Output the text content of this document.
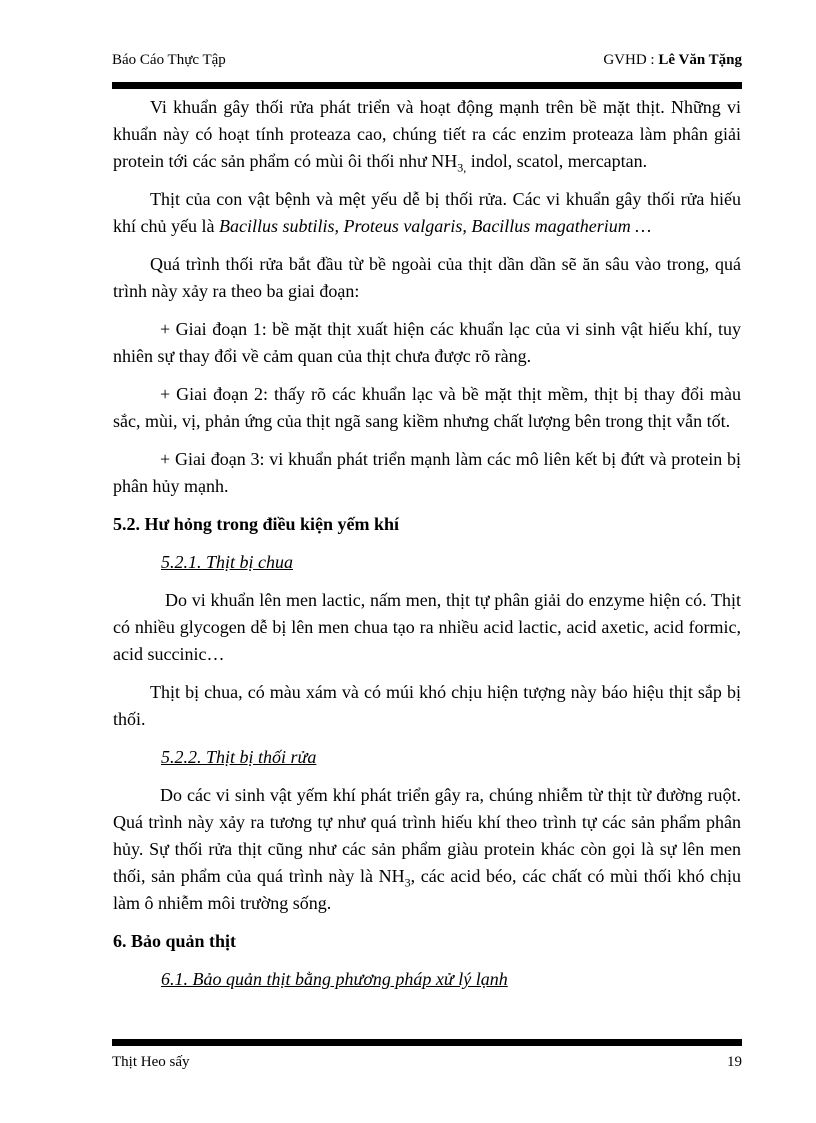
Báo Cáo Thực Tập	GVHD : Lê Văn Tặng

Vi khuẩn gây thối rửa phát triển và hoạt động mạnh trên bề mặt thịt. Những vi khuẩn này có hoạt tính proteaza cao, chúng tiết ra các enzim proteaza làm phân giải protein tới các sản phẩm có mùi ôi thối như $NH_{3,}$ indol, scatol, mercaptan.

Thịt của con vật bệnh và mệt yếu dễ bị thối rửa. Các vi khuẩn gây thối rửa hiếu khí chủ yếu là Bacillus subtilis, Proteus valgaris, Bacillus magatherium …

Quá trình thối rửa bắt đầu từ bề ngoài của thịt dần dần sẽ ăn sâu vào trong, quá trình này xảy ra theo ba giai đoạn:

+ Giai đoạn 1: bề mặt thịt xuất hiện các khuẩn lạc của vi sinh vật hiếu khí, tuy nhiên sự thay đổi về cảm quan của thịt chưa được rõ ràng.

+ Giai đoạn 2: thấy rõ các khuẩn lạc và bề mặt thịt mềm, thịt bị thay đổi màu sắc, mùi, vị, phản ứng của thịt ngã sang kiềm nhưng chất lượng bên trong thịt vẫn tốt.

+ Giai đoạn 3: vi khuẩn phát triển mạnh làm các mô liên kết bị đứt và protein bị phân hủy mạnh.

5.2. Hư hỏng trong điều kiện yếm khí
5.2.1. Thịt bị chua

Do vi khuẩn lên men lactic, nấm men, thịt tự phân giải do enzyme hiện có. Thịt có nhiều glycogen dễ bị lên men chua tạo ra nhiều acid lactic, acid axetic, acid formic, acid succinic…

Thịt bị chua, có màu xám và có múi khó chịu hiện tượng này báo hiệu thịt sắp bị thối.

5.2.2. Thịt bị thối rửa

Do các vi sinh vật yếm khí phát triển gây ra, chúng nhiễm từ thịt từ đường ruột. Quá trình này xảy ra tương tự như quá trình hiếu khí theo trình tự các sản phẩm phân hủy. Sự thối rửa thịt cũng như các sản phẩm giàu protein khác còn gọi là sự lên men thối, sản phẩm của quá trình này là $NH_3$, các acid béo, các chất có mùi thối khó chịu làm ô nhiễm môi trường sống.

6. Bảo quản thịt
6.1. Bảo quản thịt bằng phương pháp xử lý lạnh
Thịt Heo sấy	19
